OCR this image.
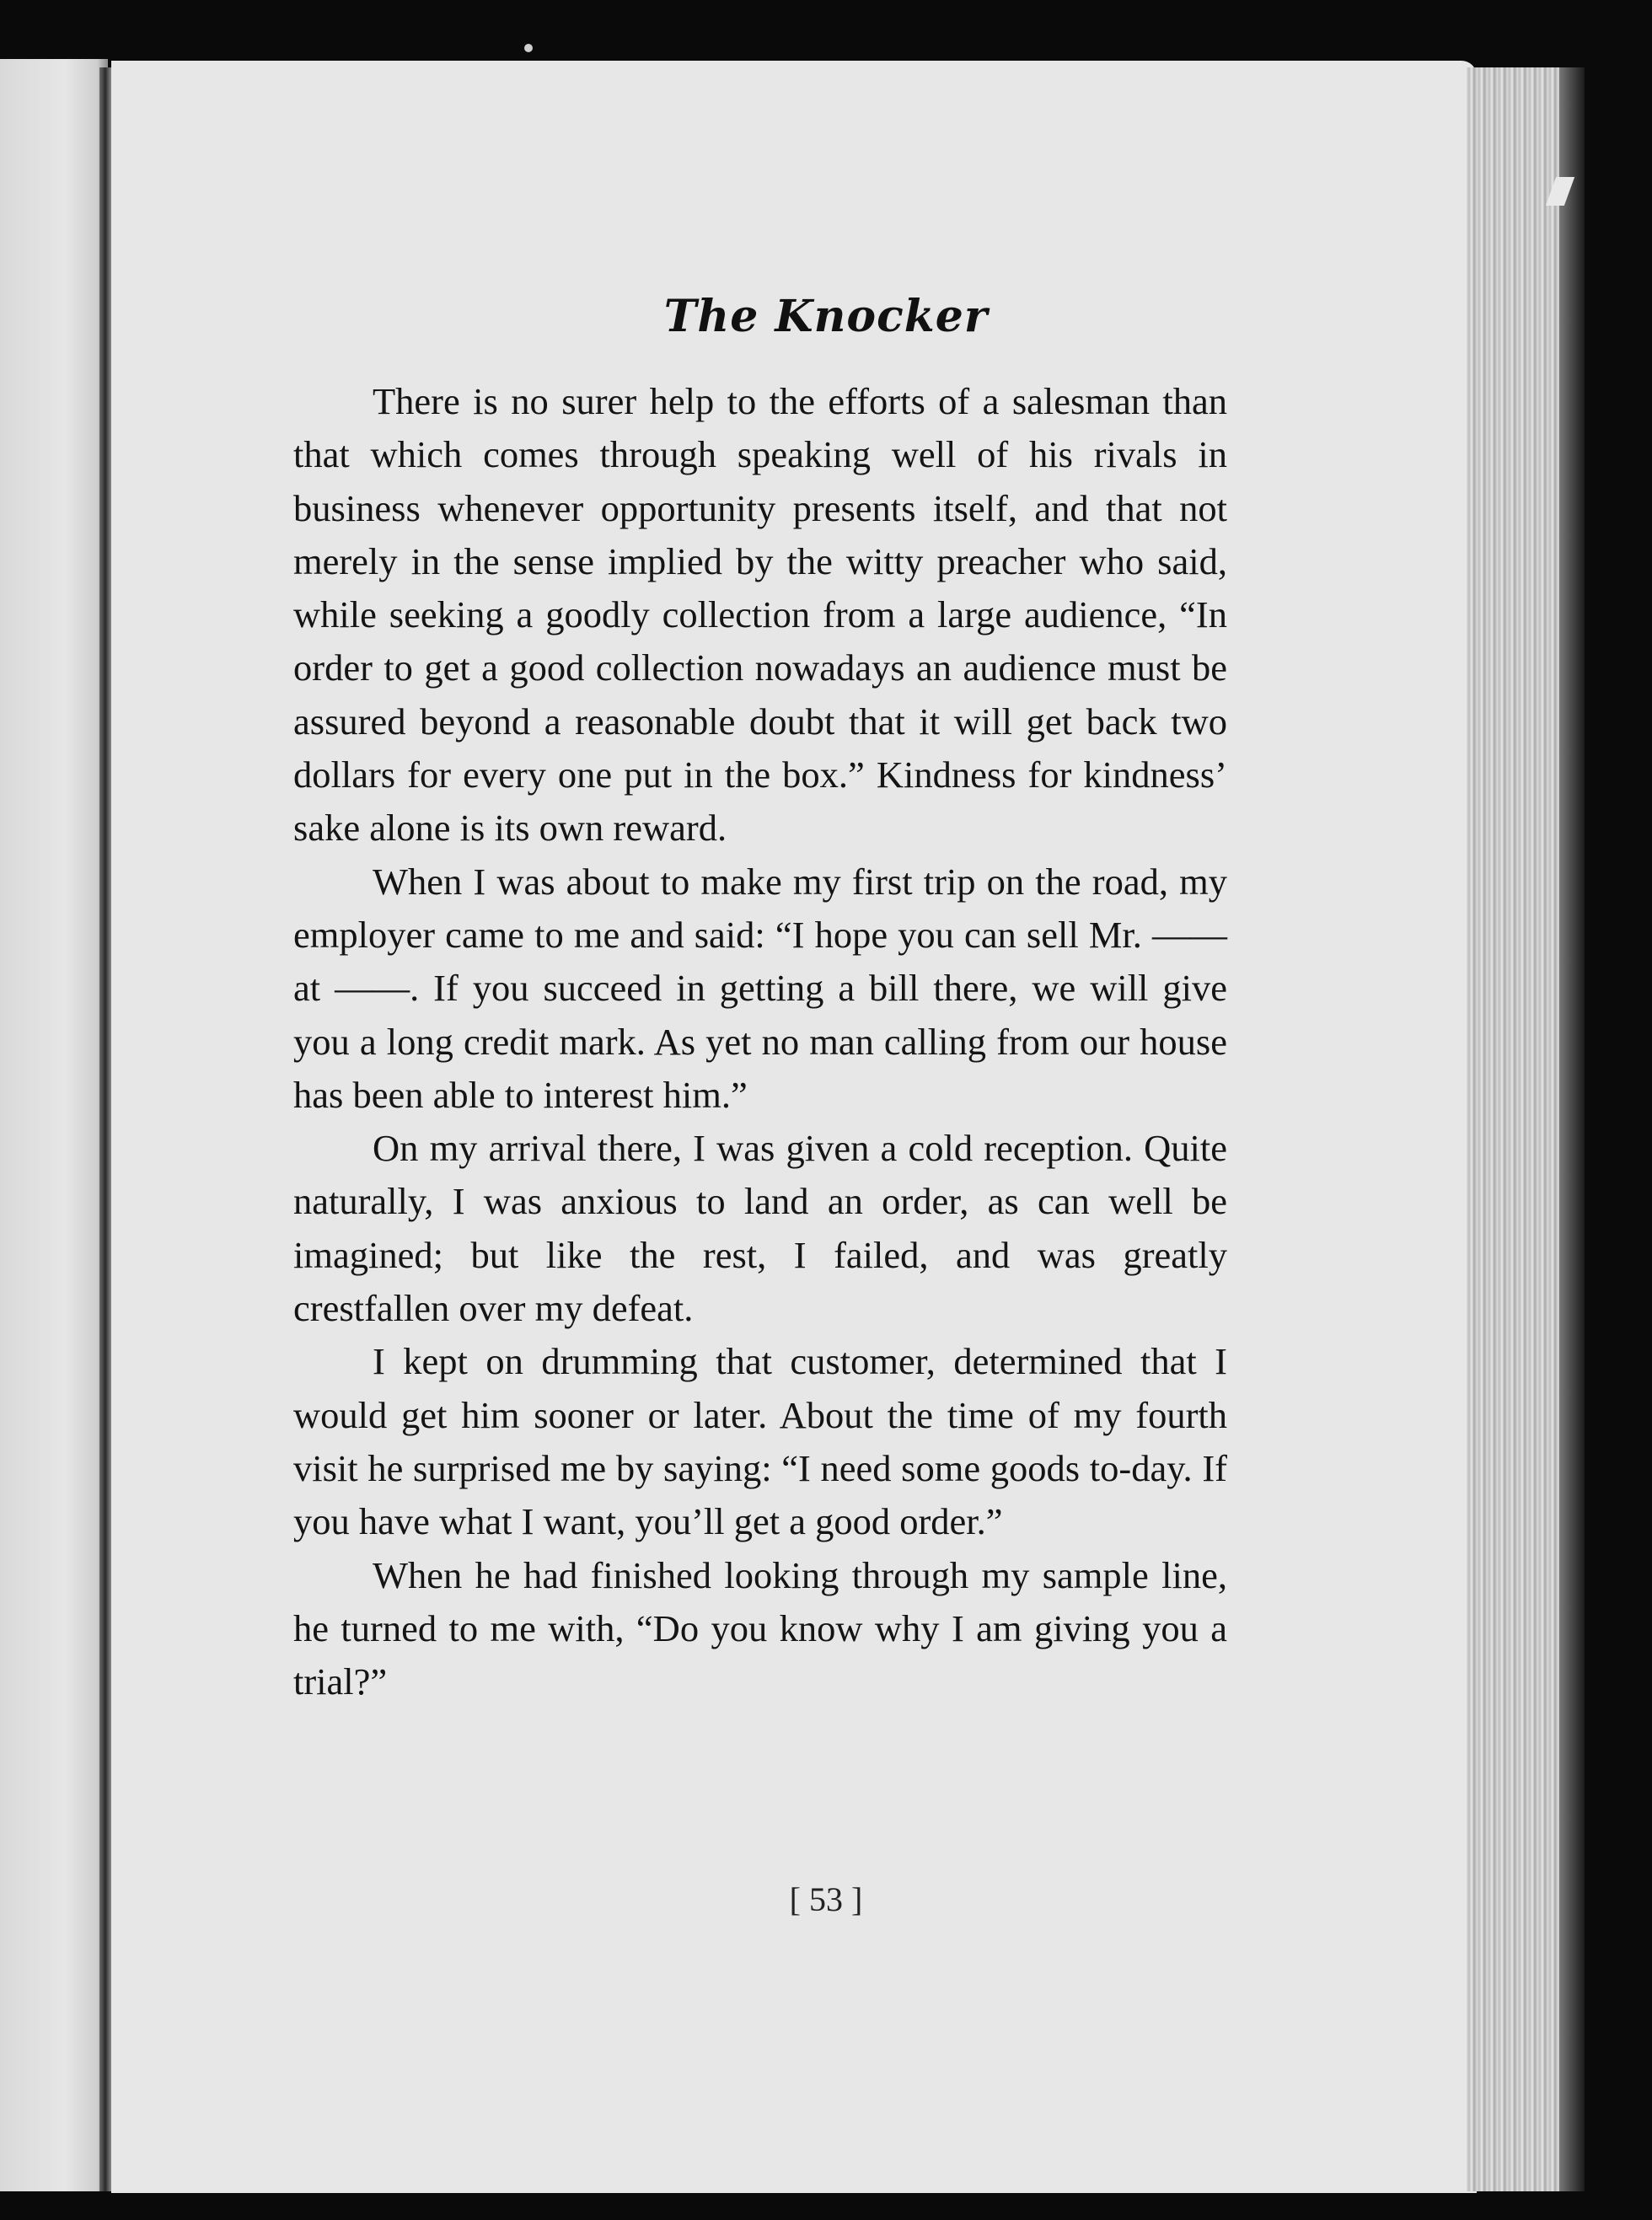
The Knocker

There is no surer help to the efforts of a salesman than that which comes through speaking well of his rivals in business whenever opportunity presents itself, and that not merely in the sense implied by the witty preacher who said, while seeking a goodly collection from a large audience, “In order to get a good collection nowadays an audience must be assured beyond a reasonable doubt that it will get back two dollars for every one put in the box.” Kindness for kindness’ sake alone is its own reward.

When I was about to make my first trip on the road, my employer came to me and said: “I hope you can sell Mr. —— at ——. If you succeed in getting a bill there, we will give you a long credit mark. As yet no man calling from our house has been able to interest him.”

On my arrival there, I was given a cold reception. Quite naturally, I was anxious to land an order, as can well be imagined; but like the rest, I failed, and was greatly crestfallen over my defeat.

I kept on drumming that customer, determined that I would get him sooner or later. About the time of my fourth visit he surprised me by saying: “I need some goods to-day. If you have what I want, you’ll get a good order.”

When he had finished looking through my sample line, he turned to me with, “Do you know why I am giving you a trial?”

[ 53 ]
